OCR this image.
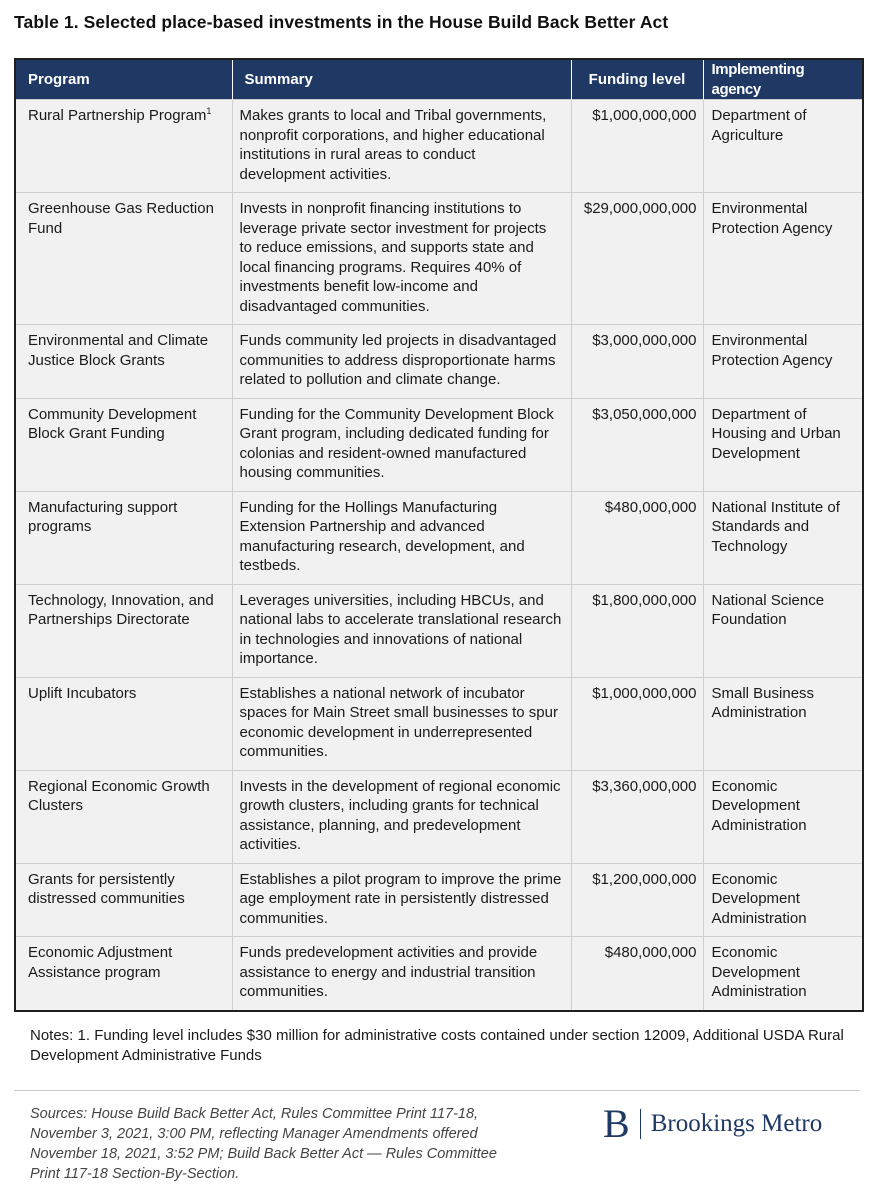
Table 1. Selected place-based investments in the House Build Back Better Act
Program	Summary	Funding level	Implementing agency
Rural Partnership Program$^1$	Makes grants to local and Tribal governments, nonprofit corporations, and higher educational institutions in rural areas to conduct development activities.	$1,000,000,000	Department of Agriculture
Greenhouse Gas Reduction Fund	Invests in nonprofit financing institutions to leverage private sector investment for projects to reduce emissions, and supports state and local financing programs. Requires 40% of investments benefit low-income and disadvantaged communities.	$29,000,000,000	Environmental Protection Agency
Environmental and Climate Justice Block Grants	Funds community led projects in disadvantaged communities to address disproportionate harms related to pollution and climate change.	$3,000,000,000	Environmental Protection Agency
Community Development Block Grant Funding	Funding for the Community Development Block Grant program, including dedicated funding for colonias and resident-owned manufactured housing communities.	$3,050,000,000	Department of Housing and Urban Development
Manufacturing support programs	Funding for the Hollings Manufacturing Extension Partnership and advanced manufacturing research, development, and testbeds.	$480,000,000	National Institute of Standards and Technology
Technology, Innovation, and Partnerships Directorate	Leverages universities, including HBCUs, and national labs to accelerate translational research in technologies and innovations of national importance.	$1,800,000,000	National Science Foundation
Uplift Incubators	Establishes a national network of incubator spaces for Main Street small businesses to spur economic development in underrepresented communities.	$1,000,000,000	Small Business Administration
Regional Economic Growth Clusters	Invests in the development of regional economic growth clusters, including grants for technical assistance, planning, and predevelopment activities.	$3,360,000,000	Economic Development Administration
Grants for persistently distressed communities	Establishes a pilot program to improve the prime age employment rate in persistently distressed communities.	$1,200,000,000	Economic Development Administration
Economic Adjustment Assistance program	Funds predevelopment activities and provide assistance to energy and industrial transition communities.	$480,000,000	Economic Development Administration
Notes: 1. Funding level includes $30 million for administrative costs contained under section 12009, Additional USDA Rural Development Administrative Funds
Sources: House Build Back Better Act, Rules Committee Print 117-18, November 3, 2021, 3:00 PM, reflecting Manager Amendments offered November 18, 2021, 3:52 PM; Build Back Better Act — Rules Committee Print 117-18 Section-By-Section.
B Brookings Metro
